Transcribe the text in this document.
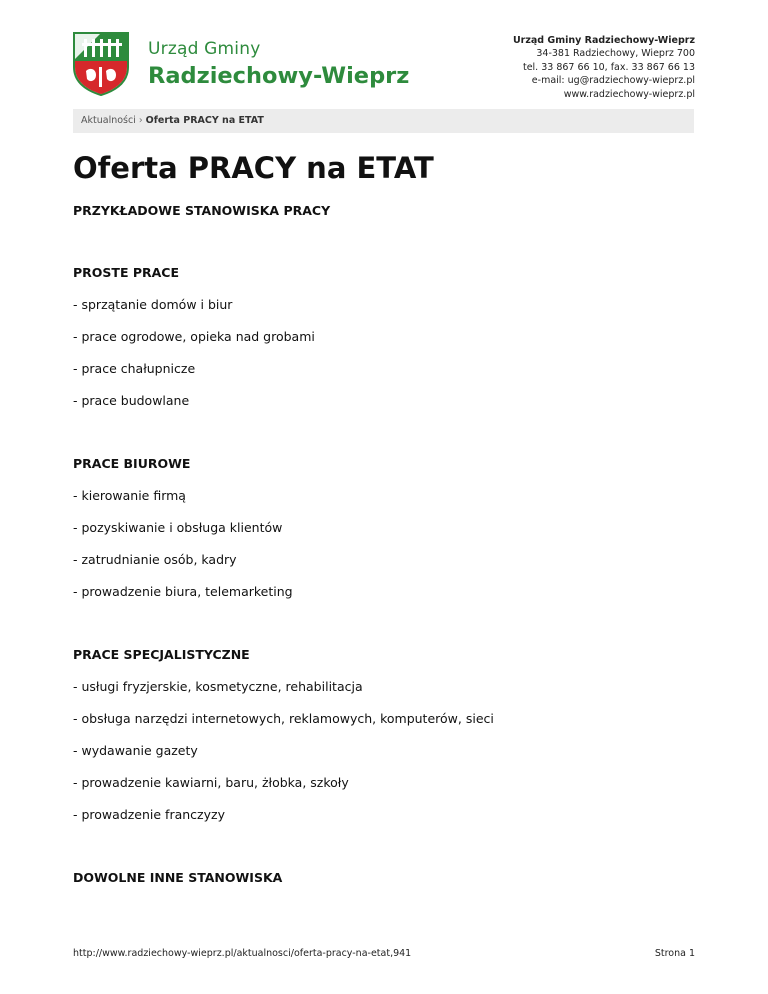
Urząd Gminy
Radziechowy-Wieprz
Urząd Gminy Radziechowy-Wieprz
34-381 Radziechowy, Wieprz 700
tel. 33 867 66 10, fax. 33 867 66 13
e-mail: ug@radziechowy-wieprz.pl
www.radziechowy-wieprz.pl
Aktualności › Oferta PRACY na ETAT
Oferta PRACY na ETAT
PRZYKŁADOWE STANOWISKA PRACY
PROSTE PRACE
- sprzątanie domów i biur
- prace ogrodowe, opieka nad grobami
- prace chałupnicze
- prace budowlane
PRACE BIUROWE
- kierowanie firmą
- pozyskiwanie i obsługa klientów
- zatrudnianie osób, kadry
- prowadzenie biura, telemarketing
PRACE SPECJALISTYCZNE
- usługi fryzjerskie, kosmetyczne, rehabilitacja
- obsługa narzędzi internetowych, reklamowych, komputerów, sieci
- wydawanie gazety
- prowadzenie kawiarni, baru, żłobka, szkoły
- prowadzenie franczyzy
DOWOLNE INNE STANOWISKA
http://www.radziechowy-wieprz.pl/aktualnosci/oferta-pracy-na-etat,941	Strona 1
